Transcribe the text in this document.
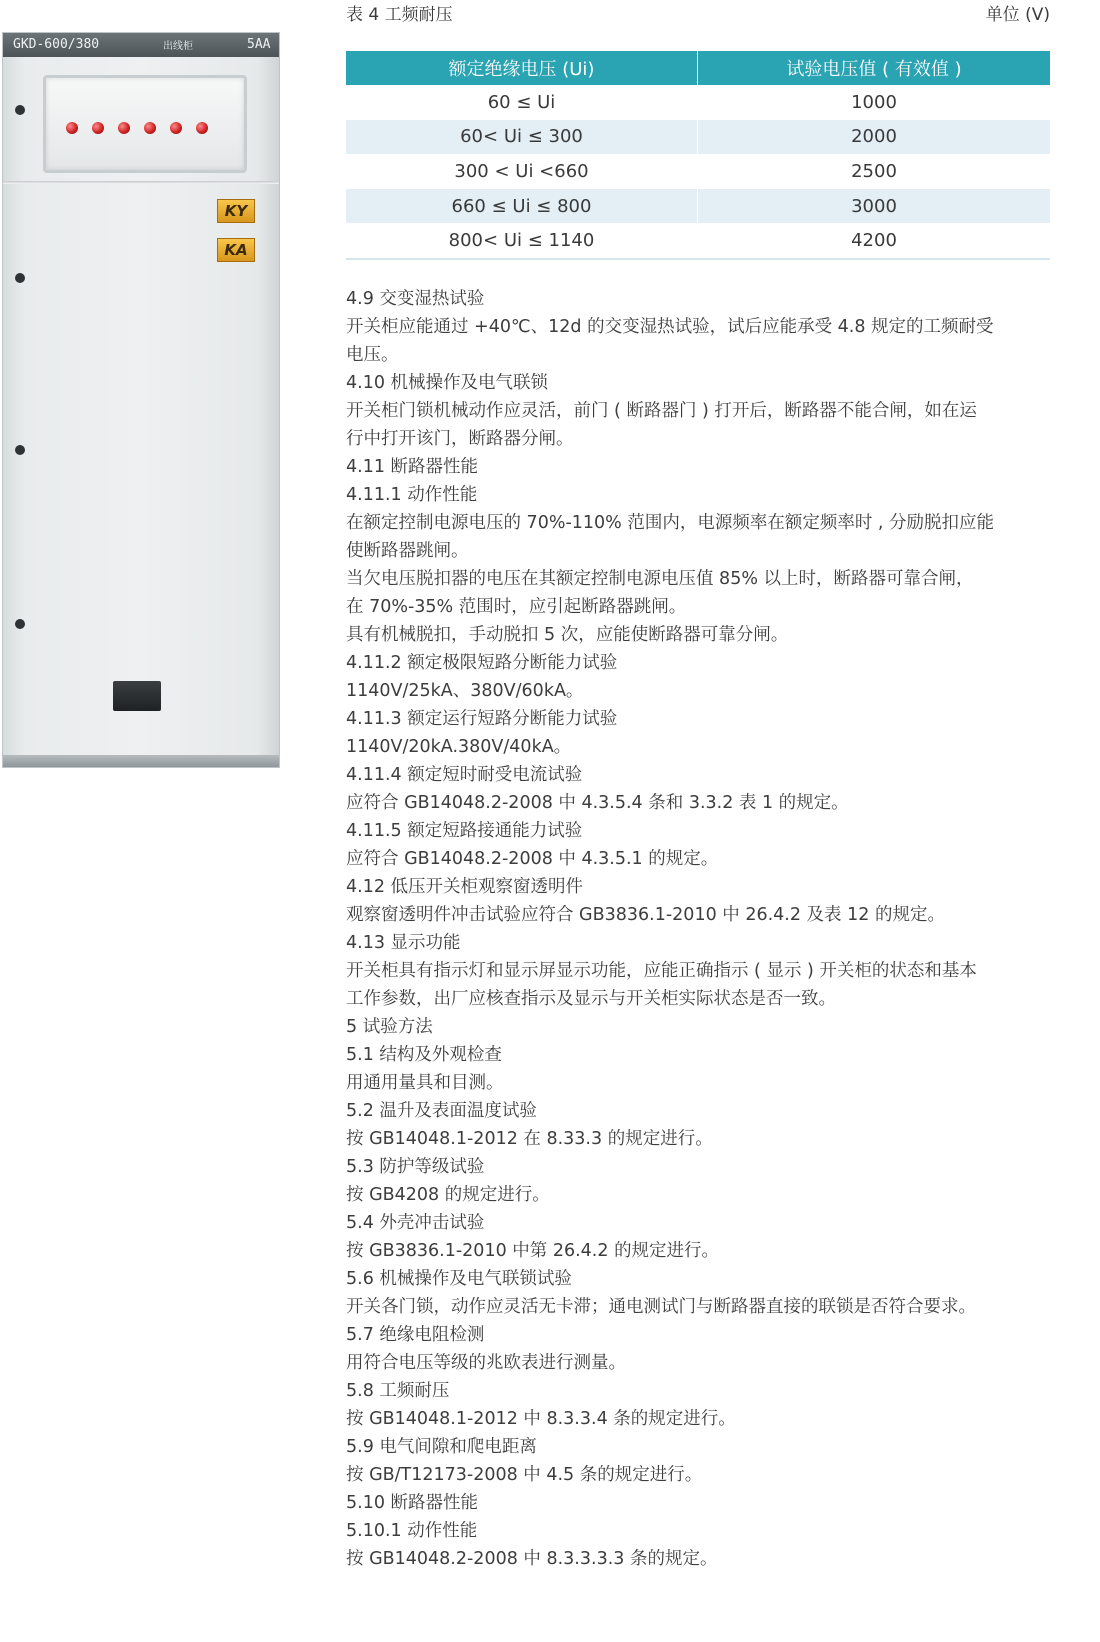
GKD-600/380	出线柜	5AA
KY
KA
表 4 工频耐压	单位 (V)
额定绝缘电压 (Ui)	试验电压值 ( 有效值 )
60 ≤ Ui	1000
60< Ui ≤ 300	2000
300 < Ui <660	2500
660 ≤ Ui ≤ 800	3000
800< Ui ≤ 1140	4200
4.9 交变湿热试验
开关柜应能通过 +40℃、12d 的交变湿热试验，试后应能承受 4.8 规定的工频耐受
电压。
4.10 机械操作及电气联锁
开关柜门锁机械动作应灵活，前门 ( 断路器门 ) 打开后，断路器不能合闸，如在运
行中打开该门，断路器分闸。
4.11 断路器性能
4.11.1 动作性能
在额定控制电源电压的 70%-110% 范围内，电源频率在额定频率时 , 分励脱扣应能
使断路器跳闸。
当欠电压脱扣器的电压在其额定控制电源电压值 85% 以上时，断路器可靠合闸，
在 70%-35% 范围时，应引起断路器跳闸。
具有机械脱扣，手动脱扣 5 次，应能使断路器可靠分闸。
4.11.2 额定极限短路分断能力试验
1140V/25kA、380V/60kA。
4.11.3 额定运行短路分断能力试验
1140V/20kA.380V/40kA。
4.11.4 额定短时耐受电流试验
应符合 GB14048.2-2008 中 4.3.5.4 条和 3.3.2 表 1 的规定。
4.11.5 额定短路接通能力试验
应符合 GB14048.2-2008 中 4.3.5.1 的规定。
4.12 低压开关柜观察窗透明件
观察窗透明件冲击试验应符合 GB3836.1-2010 中 26.4.2 及表 12 的规定。
4.13 显示功能
开关柜具有指示灯和显示屏显示功能，应能正确指示 ( 显示 ) 开关柜的状态和基本
工作参数，出厂应核查指示及显示与开关柜实际状态是否一致。
5 试验方法
5.1 结构及外观检查
用通用量具和目测。
5.2 温升及表面温度试验
按 GB14048.1-2012 在 8.33.3 的规定进行。
5.3 防护等级试验
按 GB4208 的规定进行。
5.4 外壳冲击试验
按 GB3836.1-2010 中第 26.4.2 的规定进行。
5.6 机械操作及电气联锁试验
开关各门锁，动作应灵活无卡滞；通电测试门与断路器直接的联锁是否符合要求。
5.7 绝缘电阻检测
用符合电压等级的兆欧表进行测量。
5.8 工频耐压
按 GB14048.1-2012 中 8.3.3.4 条的规定进行。
5.9 电气间隙和爬电距离
按 GB/T12173-2008 中 4.5 条的规定进行。
5.10 断路器性能
5.10.1 动作性能
按 GB14048.2-2008 中 8.3.3.3.3 条的规定。
